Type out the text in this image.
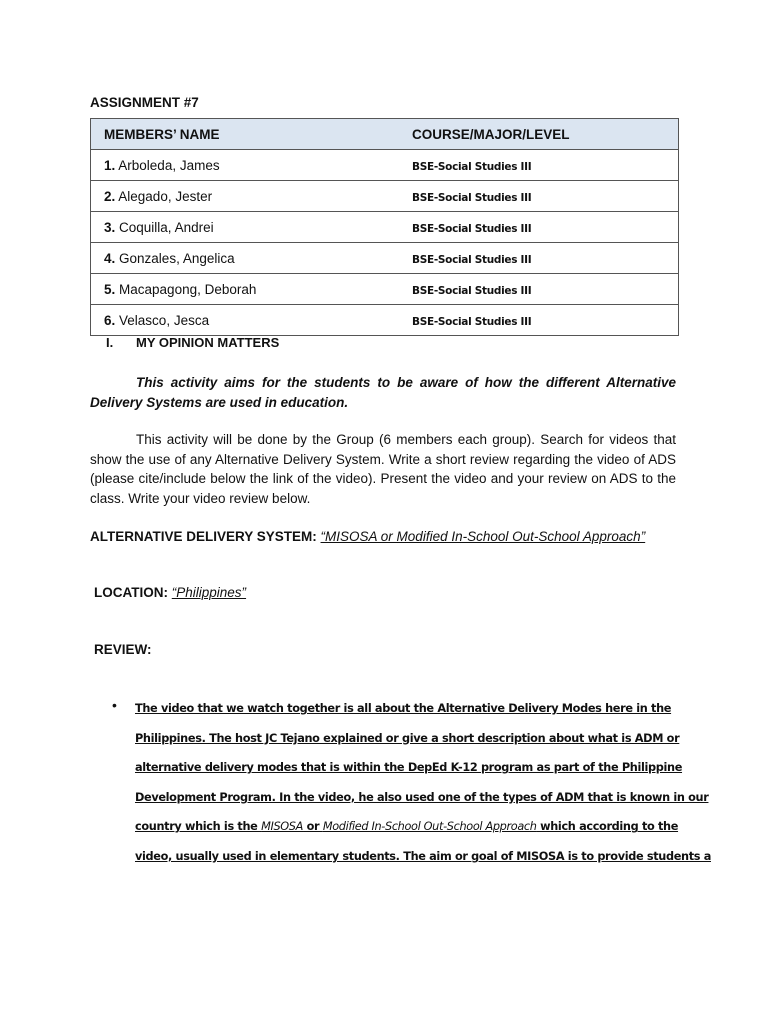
ASSIGNMENT #7
MEMBERS’ NAME	COURSE/MAJOR/LEVEL
1. Arboleda, James	BSE-Social Studies III
2. Alegado, Jester	BSE-Social Studies III
3. Coquilla, Andrei	BSE-Social Studies III
4. Gonzales, Angelica	BSE-Social Studies III
5. Macapagong, Deborah	BSE-Social Studies III
6. Velasco, Jesca	BSE-Social Studies III
I. MY OPINION MATTERS
This activity aims for the students to be aware of how the different Alternative Delivery Systems are used in education.
This activity will be done by the Group (6 members each group). Search for videos that show the use of any Alternative Delivery System. Write a short review regarding the video of ADS (please cite/include below the link of the video). Present the video and your review on ADS to the class. Write your video review below.
ALTERNATIVE DELIVERY SYSTEM: “MISOSA or Modified In-School Out-School Approach”
LOCATION: “Philippines”
REVIEW:
• The video that we watch together is all about the Alternative Delivery Modes here in the
Philippines. The host JC Tejano explained or give a short description about what is ADM or
alternative delivery modes that is within the DepEd K-12 program as part of the Philippine
Development Program. In the video, he also used one of the types of ADM that is known in our
country which is the MISOSA or Modified In-School Out-School Approach which according to the
video, usually used in elementary students. The aim or goal of MISOSA is to provide students a
